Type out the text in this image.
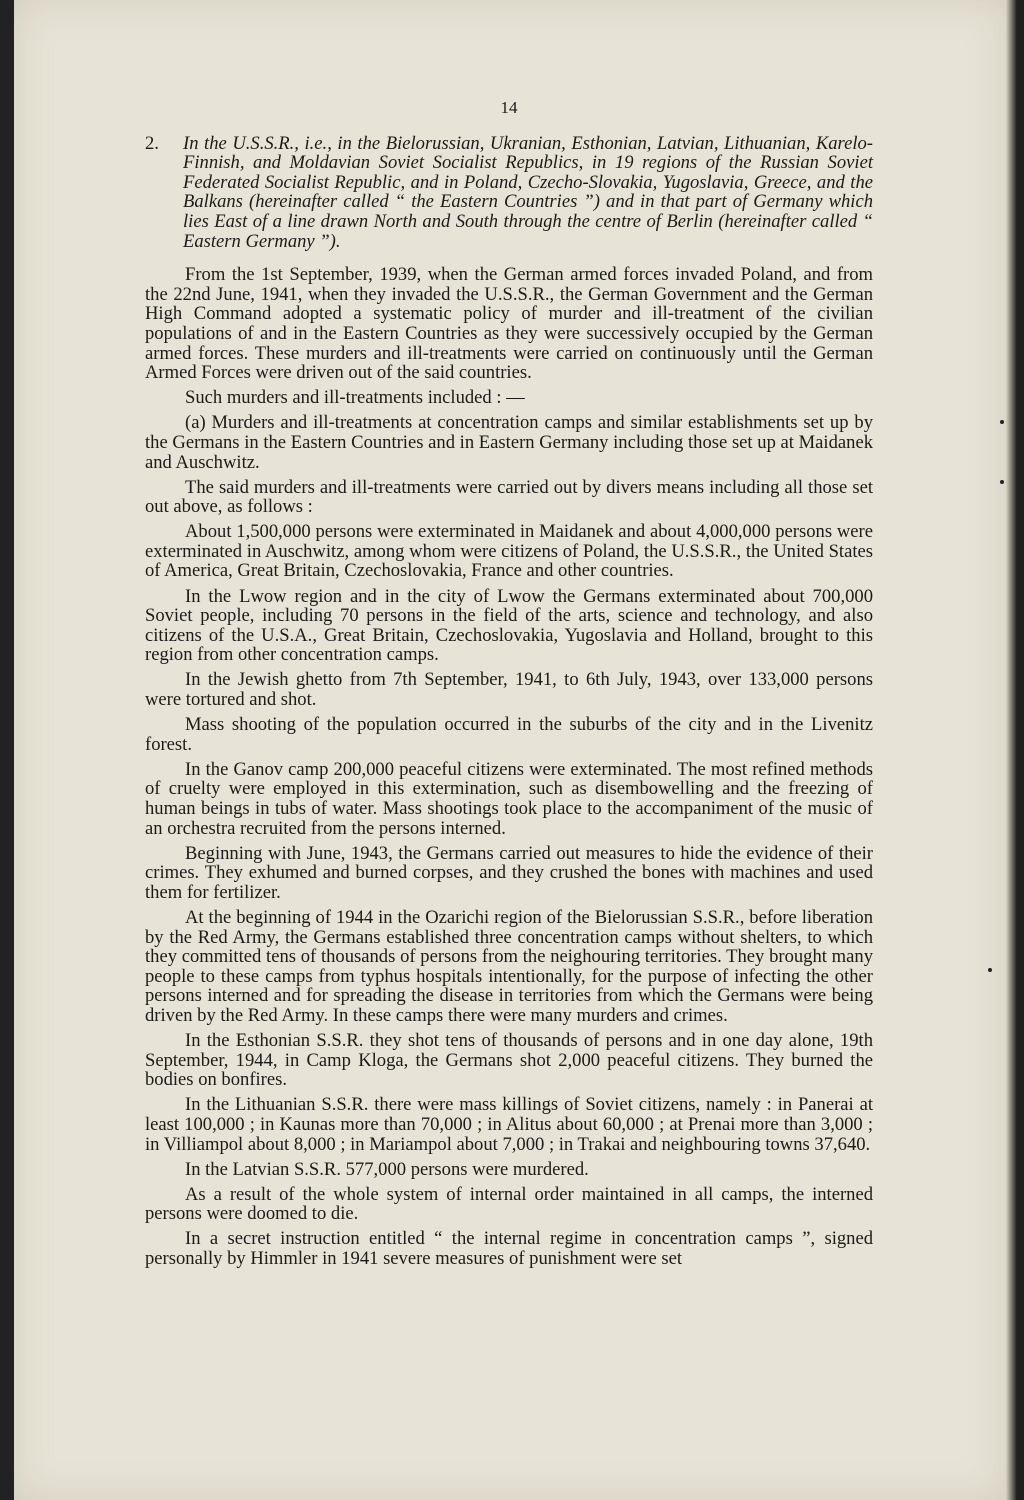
14
2. In the U.S.S.R., i.e., in the Bielorussian, Ukranian, Esthonian, Latvian, Lithuanian, Karelo-Finnish, and Moldavian Soviet Socialist Republics, in 19 regions of the Russian Soviet Federated Socialist Republic, and in Poland, Czecho-Slovakia, Yugoslavia, Greece, and the Balkans (hereinafter called “ the Eastern Countries ”) and in that part of Germany which lies East of a line drawn North and South through the centre of Berlin (hereinafter called “ Eastern Germany ”).

From the 1st September, 1939, when the German armed forces invaded Poland, and from the 22nd June, 1941, when they invaded the U.S.S.R., the German Government and the German High Command adopted a systematic policy of murder and ill-treatment of the civilian populations of and in the Eastern Countries as they were successively occupied by the German armed forces. These murders and ill-treatments were carried on continuously until the German Armed Forces were driven out of the said countries.

Such murders and ill-treatments included : —

(a) Murders and ill-treatments at concentration camps and similar establishments set up by the Germans in the Eastern Countries and in Eastern Germany including those set up at Maidanek and Auschwitz.

The said murders and ill-treatments were carried out by divers means including all those set out above, as follows :

About 1,500,000 persons were exterminated in Maidanek and about 4,000,000 persons were exterminated in Auschwitz, among whom were citizens of Poland, the U.S.S.R., the United States of America, Great Britain, Czechoslovakia, France and other countries.

In the Lwow region and in the city of Lwow the Germans exterminated about 700,000 Soviet people, including 70 persons in the field of the arts, science and technology, and also citizens of the U.S.A., Great Britain, Czechoslovakia, Yugoslavia and Holland, brought to this region from other concentration camps.

In the Jewish ghetto from 7th September, 1941, to 6th July, 1943, over 133,000 persons were tortured and shot.

Mass shooting of the population occurred in the suburbs of the city and in the Livenitz forest.

In the Ganov camp 200,000 peaceful citizens were exterminated. The most refined methods of cruelty were employed in this extermination, such as disembowelling and the freezing of human beings in tubs of water. Mass shootings took place to the accompaniment of the music of an orchestra recruited from the persons interned.

Beginning with June, 1943, the Germans carried out measures to hide the evidence of their crimes. They exhumed and burned corpses, and they crushed the bones with machines and used them for fertilizer.

At the beginning of 1944 in the Ozarichi region of the Bielorussian S.S.R., before liberation by the Red Army, the Germans established three concentration camps without shelters, to which they committed tens of thousands of persons from the neighouring territories. They brought many people to these camps from typhus hospitals intentionally, for the purpose of infecting the other persons interned and for spreading the disease in territories from which the Germans were being driven by the Red Army. In these camps there were many murders and crimes.

In the Esthonian S.S.R. they shot tens of thousands of persons and in one day alone, 19th September, 1944, in Camp Kloga, the Germans shot 2,000 peaceful citizens. They burned the bodies on bonfires.

In the Lithuanian S.S.R. there were mass killings of Soviet citizens, namely : in Panerai at least 100,000 ; in Kaunas more than 70,000 ; in Alitus about 60,000 ; at Prenai more than 3,000 ; in Villiampol about 8,000 ; in Mariampol about 7,000 ; in Trakai and neighbouring towns 37,640.

In the Latvian S.S.R. 577,000 persons were murdered.

As a result of the whole system of internal order maintained in all camps, the interned persons were doomed to die.

In a secret instruction entitled “ the internal regime in concentration camps ”, signed personally by Himmler in 1941 severe measures of punishment were set
